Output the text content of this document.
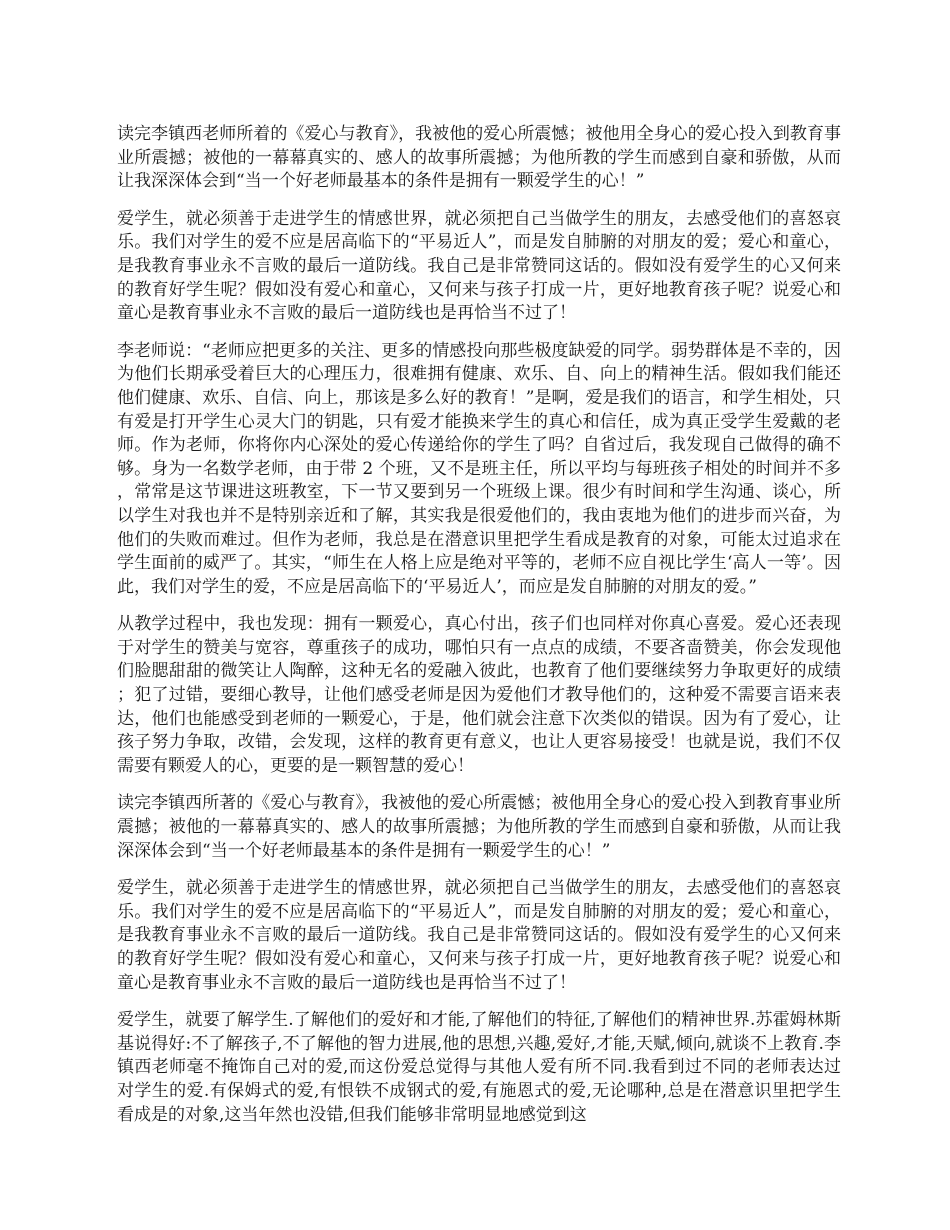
读完李镇西老师所着的《爱心与教育》，我被他的爱心所震憾；被他用全身心的爱心投入到教育事业所震撼；被他的一幕幕真实的、感人的故事所震撼；为他所教的学生而感到自豪和骄傲，从而让我深深体会到“当一个好老师最基本的条件是拥有一颗爱学生的心！”

爱学生，就必须善于走进学生的情感世界，就必须把自己当做学生的朋友，去感受他们的喜怒哀乐。我们对学生的爱不应是居高临下的“平易近人”，而是发自肺腑的对朋友的爱；爱心和童心，是我教育事业永不言败的最后一道防线。我自己是非常赞同这话的。假如没有爱学生的心又何来的教育好学生呢？假如没有爱心和童心，又何来与孩子打成一片，更好地教育孩子呢？说爱心和童心是教育事业永不言败的最后一道防线也是再恰当不过了！

李老师说：“老师应把更多的关注、更多的情感投向那些极度缺爱的同学。弱势群体是不幸的，因为他们长期承受着巨大的心理压力，很难拥有健康、欢乐、自、向上的精神生活。假如我们能还他们健康、欢乐、自信、向上，那该是多么好的教育！”是啊，爱是我们的语言，和学生相处，只有爱是打开学生心灵大门的钥匙，只有爱才能换来学生的真心和信任，成为真正受学生爱戴的老师。作为老师，你将你内心深处的爱心传递给你的学生了吗？自省过后，我发现自己做得的确不够。身为一名数学老师，由于带 2 个班，又不是班主任，所以平均与每班孩子相处的时间并不多，常常是这节课进这班教室，下一节又要到另一个班级上课。很少有时间和学生沟通、谈心，所以学生对我也并不是特别亲近和了解，其实我是很爱他们的，我由衷地为他们的进步而兴奋，为他们的失败而难过。但作为老师，我总是在潜意识里把学生看成是教育的对象，可能太过追求在学生面前的威严了。其实，“师生在人格上应是绝对平等的，老师不应自视比学生‘高人一等’。因此，我们对学生的爱，不应是居高临下的‘平易近人’，而应是发自肺腑的对朋友的爱。”

从教学过程中，我也发现：拥有一颗爱心，真心付出，孩子们也同样对你真心喜爱。爱心还表现于对学生的赞美与宽容，尊重孩子的成功，哪怕只有一点点的成绩，不要吝啬赞美，你会发现他们脸腮甜甜的微笑让人陶醉，这种无名的爱融入彼此，也教育了他们要继续努力争取更好的成绩；犯了过错，要细心教导，让他们感受老师是因为爱他们才教导他们的，这种爱不需要言语来表达，他们也能感受到老师的一颗爱心，于是，他们就会注意下次类似的错误。因为有了爱心，让孩子努力争取，改错，会发现，这样的教育更有意义，也让人更容易接受！也就是说，我们不仅需要有颗爱人的心，更要的是一颗智慧的爱心！

读完李镇西所著的《爱心与教育》，我被他的爱心所震憾；被他用全身心的爱心投入到教育事业所震撼；被他的一幕幕真实的、感人的故事所震撼；为他所教的学生而感到自豪和骄傲，从而让我深深体会到“当一个好老师最基本的条件是拥有一颗爱学生的心！”

爱学生，就必须善于走进学生的情感世界，就必须把自己当做学生的朋友，去感受他们的喜怒哀乐。我们对学生的爱不应是居高临下的“平易近人”，而是发自肺腑的对朋友的爱；爱心和童心，是我教育事业永不言败的最后一道防线。我自己是非常赞同这话的。假如没有爱学生的心又何来的教育好学生呢？假如没有爱心和童心，又何来与孩子打成一片，更好地教育孩子呢？说爱心和童心是教育事业永不言败的最后一道防线也是再恰当不过了！

爱学生，就要了解学生.了解他们的爱好和才能,了解他们的特征,了解他们的精神世界.苏霍姆林斯基说得好:不了解孩子,不了解他的智力进展,他的思想,兴趣,爱好,才能,天赋,倾向,就谈不上教育.李镇西老师毫不掩饰自己对的爱,而这份爱总觉得与其他人爱有所不同.我看到过不同的老师表达过对学生的爱.有保姆式的爱,有恨铁不成钢式的爱,有施恩式的爱,无论哪种,总是在潜意识里把学生看成是的对象,这当年然也没错,但我们能够非常明显地感觉到这
